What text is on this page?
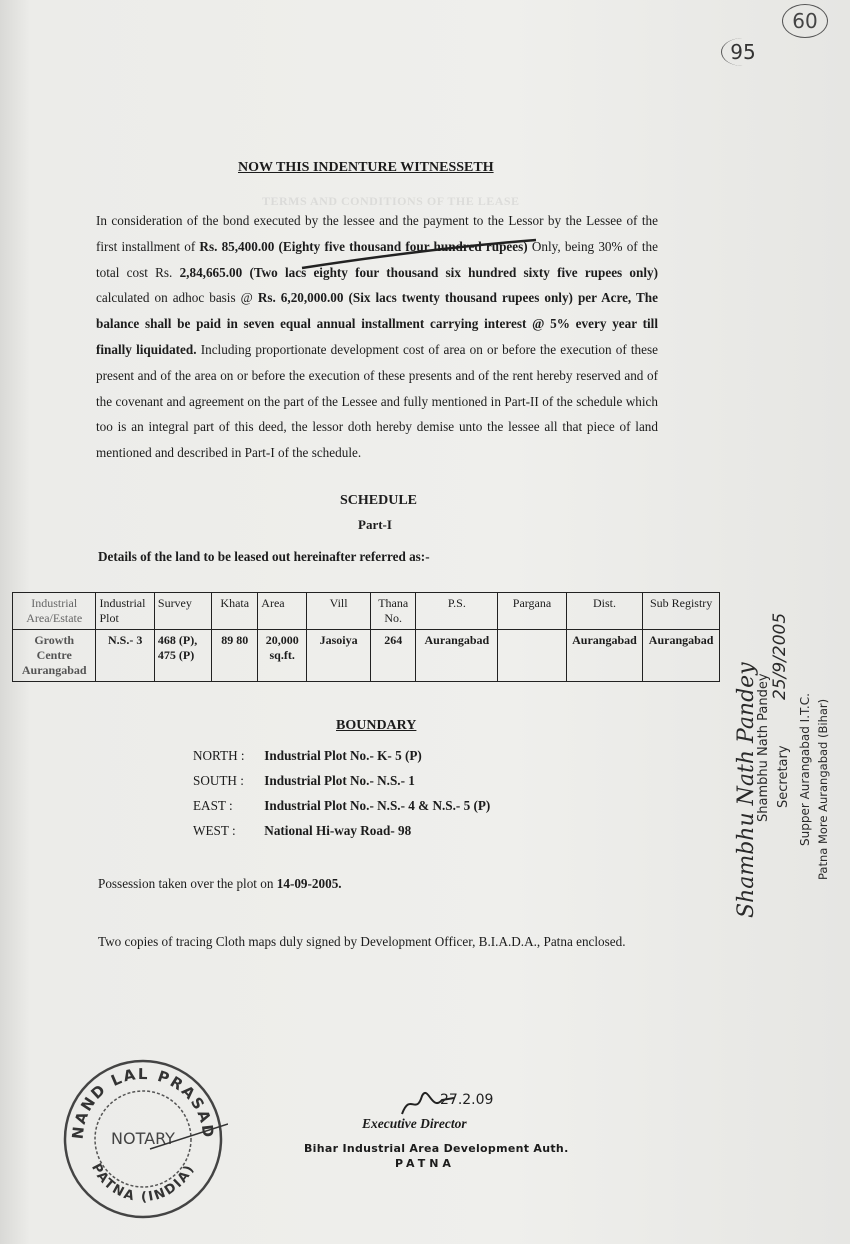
TERMS AND CONDITIONS OF THE LEASE
60
95
NOW THIS INDENTURE WITNESSETH
In consideration of the bond executed by the lessee and the payment to the Lessor by the Lessee of the first installment of Rs. 85,400.00 (Eighty five thousand four hundred rupees) Only, being 30% of the total cost Rs. 2,84,665.00 (Two lacs eighty four thousand six hundred sixty five rupees only) calculated on adhoc basis @ Rs. 6,20,000.00 (Six lacs twenty thousand rupees only) per Acre, The balance shall be paid in seven equal annual installment carrying interest @ 5% every year till finally liquidated. Including proportionate development cost of area on or before the execution of these present and of the area on or before the execution of these presents and of the rent hereby reserved and of the covenant and agreement on the part of the Lessee and fully mentioned in Part-II of the schedule which too is an integral part of this deed, the lessor doth hereby demise unto the lessee all that piece of land mentioned and described in Part-I of the schedule.
SCHEDULE
Part-I
Details of the land to be leased out hereinafter referred as:-
Industrial Area/Estate	Industrial Plot	Survey	Khata	Area	Vill	Thana No.	P.S.	Pargana	Dist.	Sub Registry
Growth Centre Aurangabad	N.S.- 3	468 (P), 475 (P)	89 80	20,000 sq.ft.	Jasoiya	264	Aurangabad		Aurangabad	Aurangabad
BOUNDARY
NORTH : Industrial Plot No.- K- 5 (P)
SOUTH : Industrial Plot No.- N.S.- 1
EAST : Industrial Plot No.- N.S.- 4 & N.S.- 5 (P)
WEST : National Hi-way Road- 98
Possession taken over the plot on 14-09-2005.
Two copies of tracing Cloth maps duly signed by Development Officer, B.I.A.D.A., Patna enclosed.
NAND LAL PRASAD
NOTARY
PATNA (INDIA)
27.2.09
Executive Director
Bihar Industrial Area Development Auth.
PATNA
Shambhu Nath Pandey
Shambhu Nath Pandey
25/9/2005
Secretary Supper Aurangabad I.T.C. Patna More Aurangabad (Bihar)
